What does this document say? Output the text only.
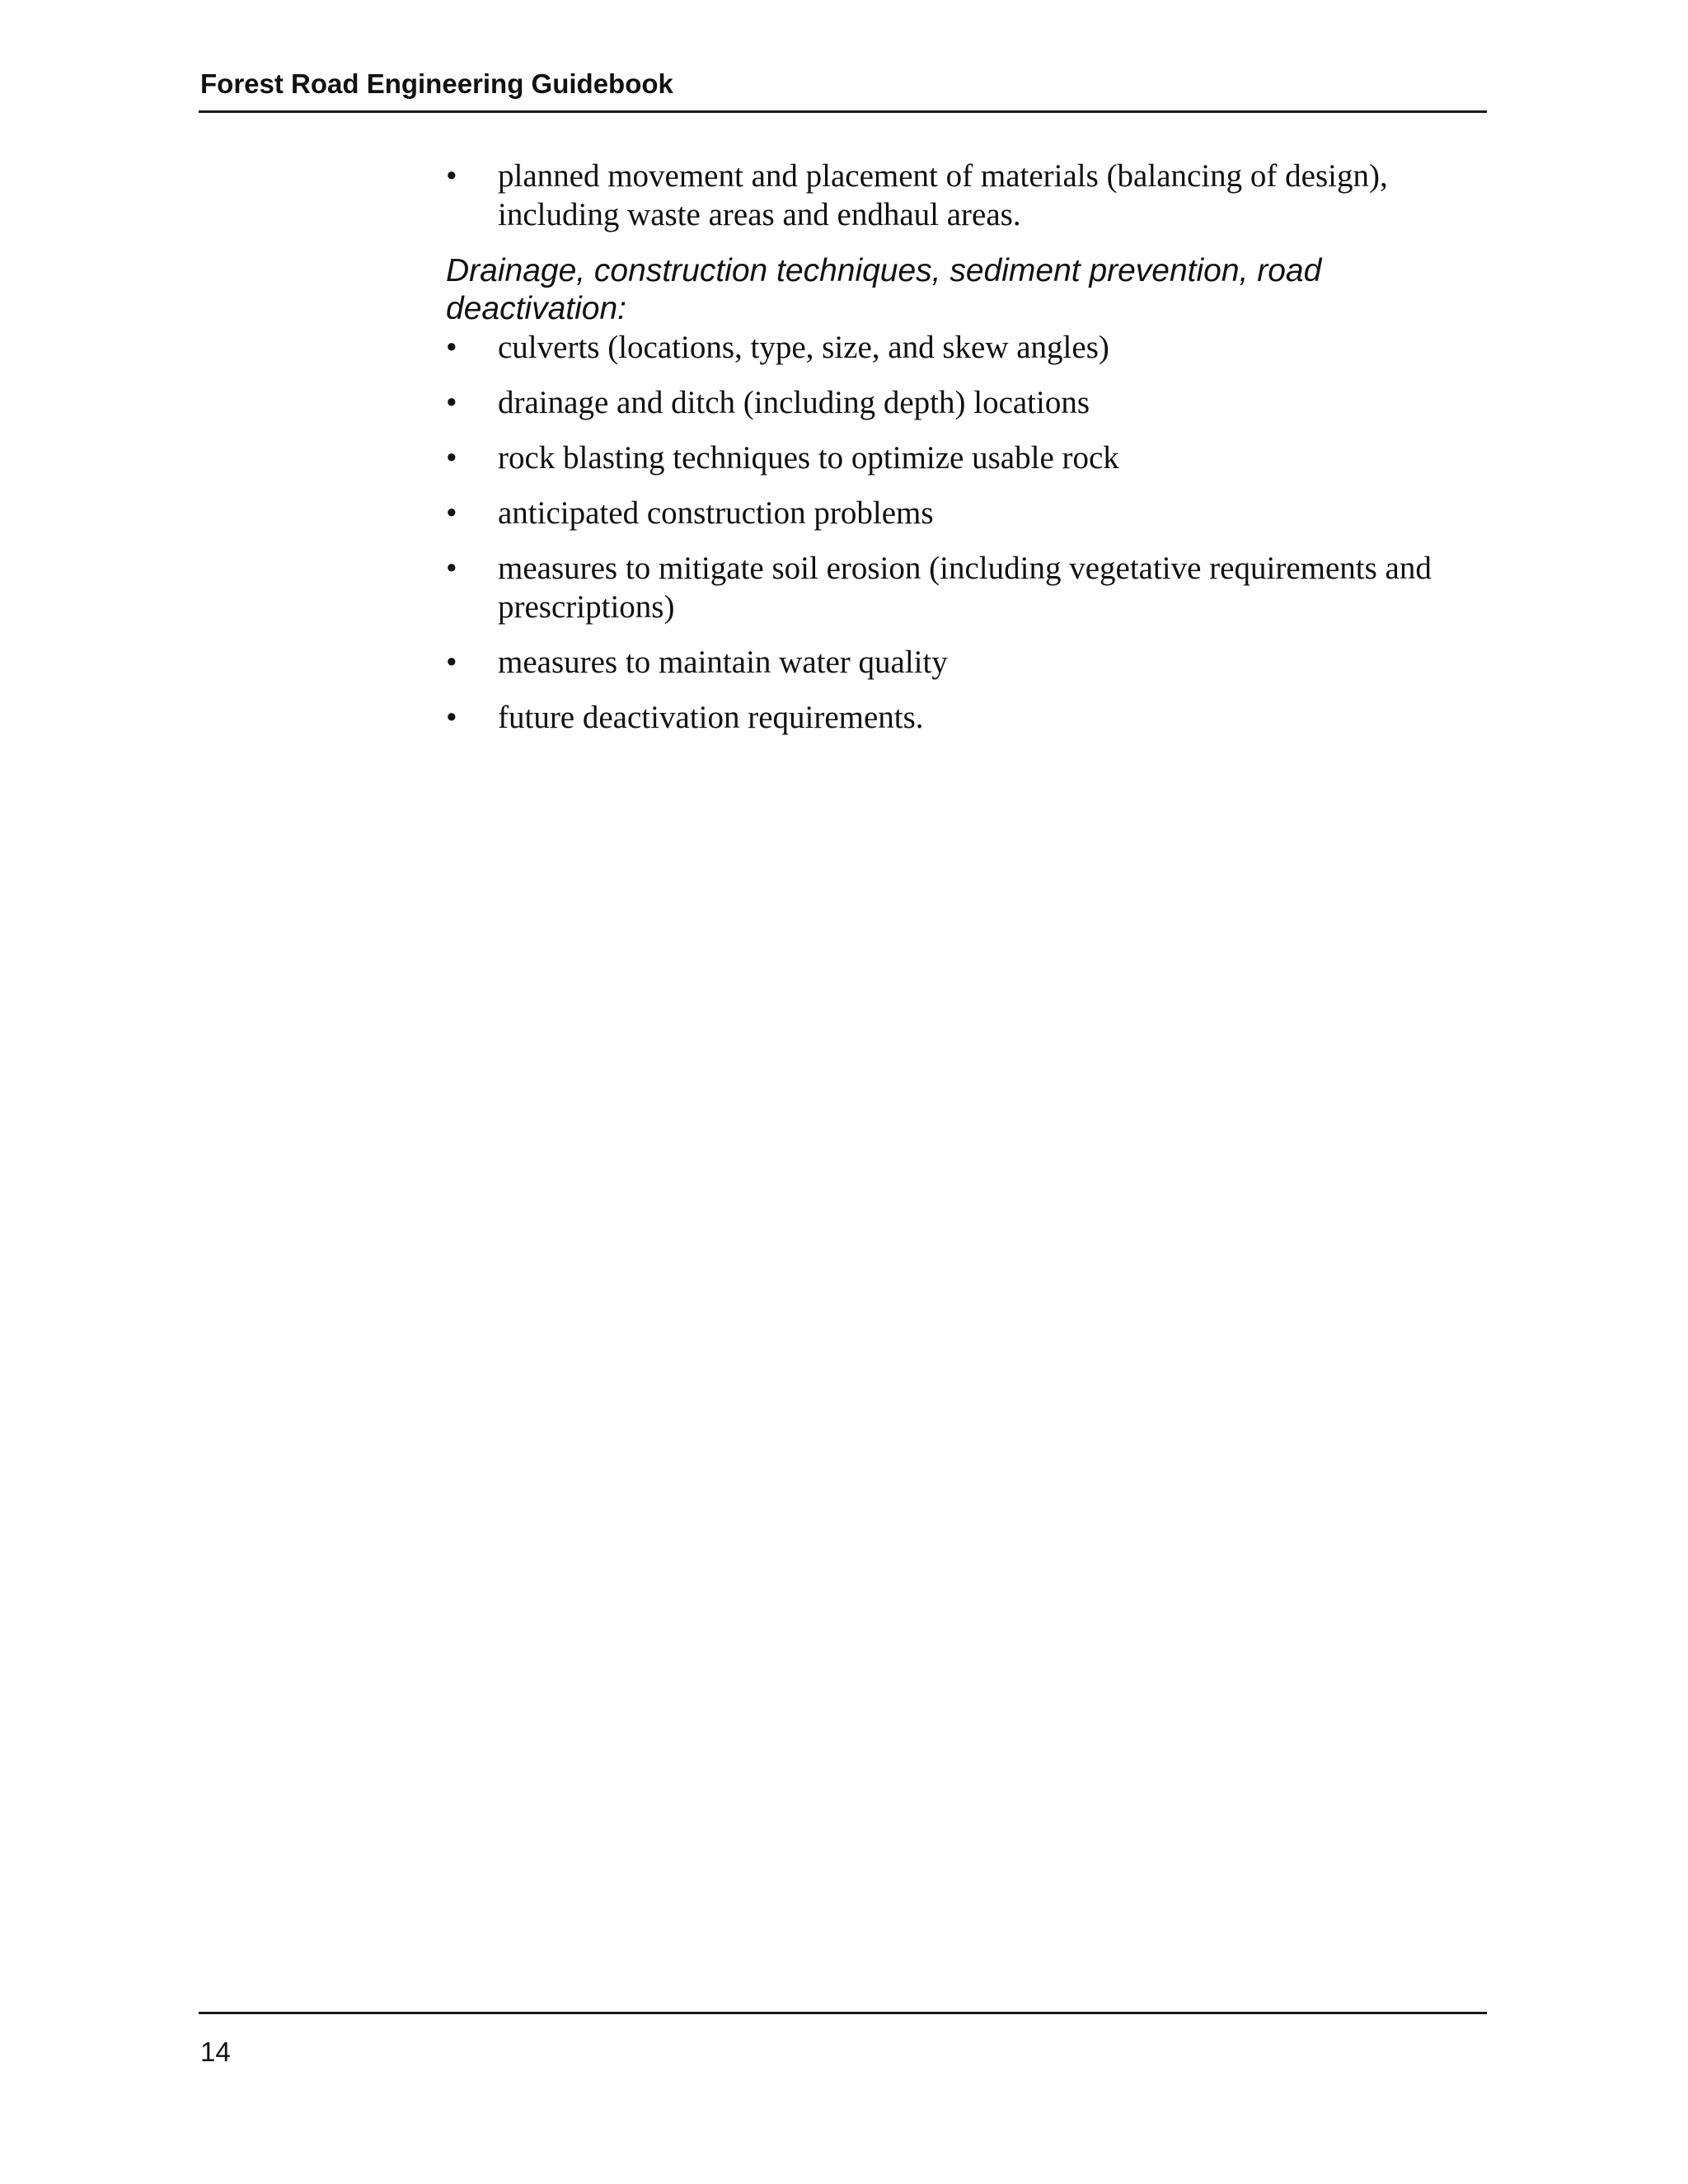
Forest Road Engineering Guidebook
• planned movement and placement of materials (balancing of design), including waste areas and endhaul areas.

Drainage, construction techniques, sediment prevention, road deactivation:

• culverts (locations, type, size, and skew angles)
• drainage and ditch (including depth) locations
• rock blasting techniques to optimize usable rock
• anticipated construction problems
• measures to mitigate soil erosion (including vegetative requirements and prescriptions)
• measures to maintain water quality
• future deactivation requirements.
14
